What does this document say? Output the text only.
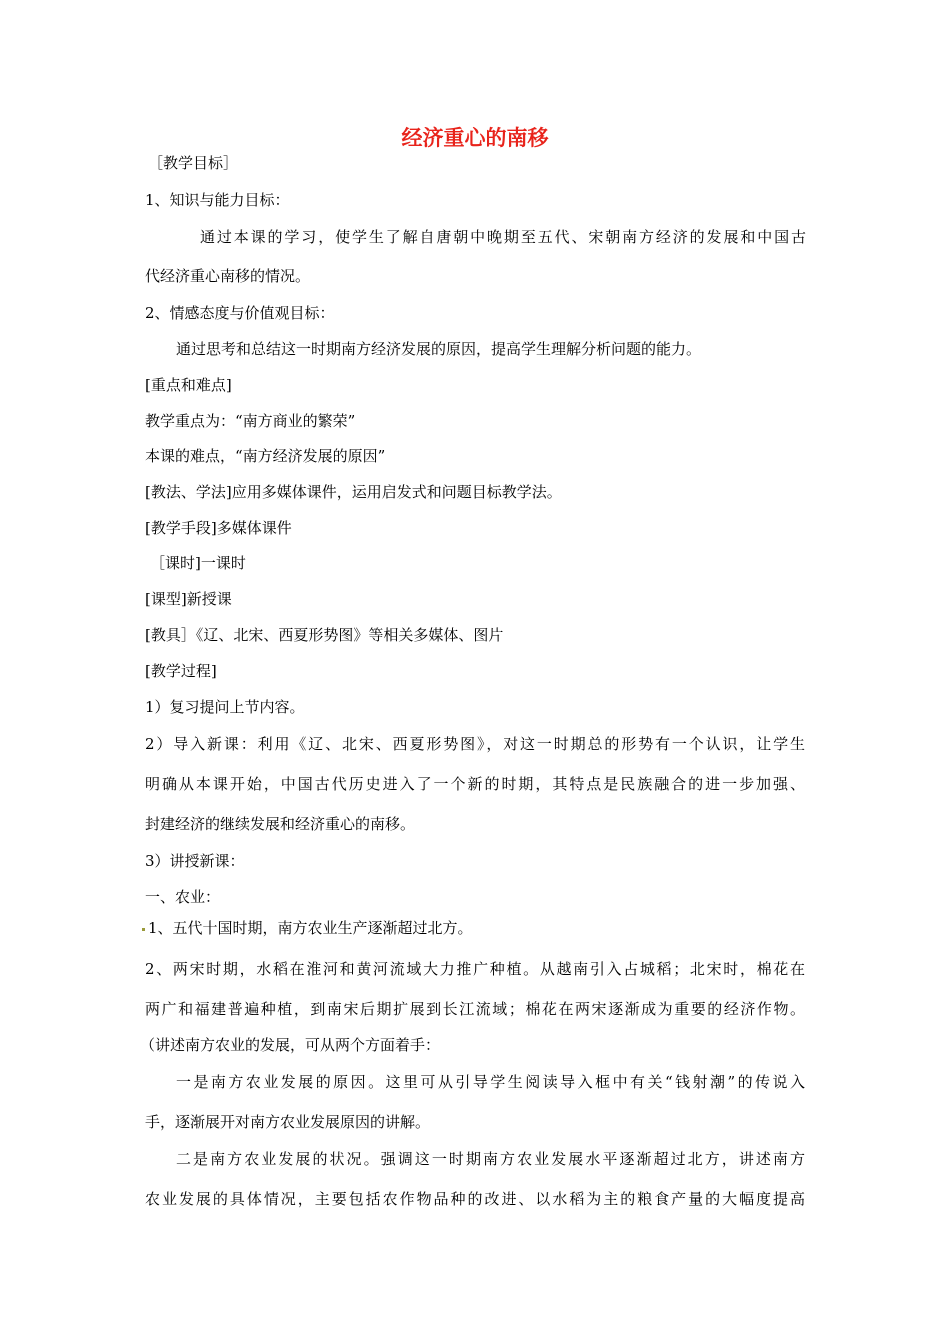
经济重心的南移
［教学目标］
1、知识与能力目标：
通过本课的学习，使学生了解自唐朝中晚期至五代、宋朝南方经济的发展和中国古
代经济重心南移的情况。
2、情感态度与价值观目标：
通过思考和总结这一时期南方经济发展的原因，提高学生理解分析问题的能力。
[重点和难点]
教学重点为：“南方商业的繁荣”
本课的难点，“南方经济发展的原因”
[教法、学法]应用多媒体课件，运用启发式和问题目标教学法。
[教学手段]多媒体课件
［课时]一课时
[课型]新授课
[教具］《辽、北宋、西夏形势图》等相关多媒体、图片
[教学过程]
1）复习提问上节内容。
2）导入新课：利用《辽、北宋、西夏形势图》，对这一时期总的形势有一个认识，让学生
明确从本课开始，中国古代历史进入了一个新的时期，其特点是民族融合的进一步加强、
封建经济的继续发展和经济重心的南移。
3）讲授新课：
一、农业：
1、五代十国时期，南方农业生产逐渐超过北方。
2、两宋时期，水稻在淮河和黄河流域大力推广种植。从越南引入占城稻；北宋时，棉花在
两广和福建普遍种植，到南宋后期扩展到长江流域；棉花在两宋逐渐成为重要的经济作物。
（讲述南方农业的发展，可从两个方面着手：
一是南方农业发展的原因。这里可从引导学生阅读导入框中有关“钱射潮”的传说入
手，逐渐展开对南方农业发展原因的讲解。
二是南方农业发展的状况。强调这一时期南方农业发展水平逐渐超过北方，讲述南方
农业发展的具体情况，主要包括农作物品种的改进、以水稻为主的粮食产量的大幅度提高
